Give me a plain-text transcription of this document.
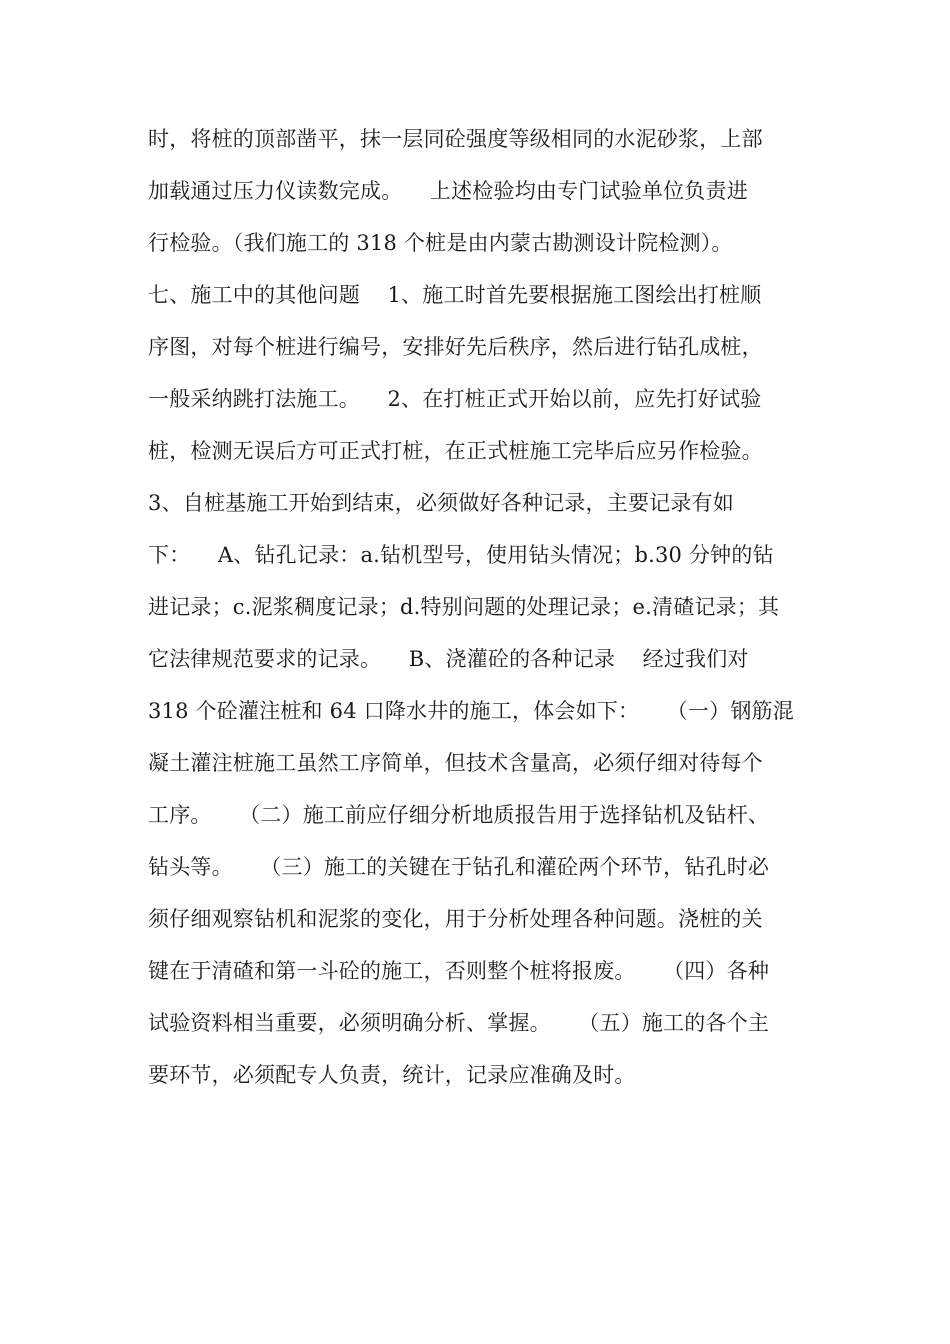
时，将桩的顶部凿平，抹一层同砼强度等级相同的水泥砂浆，上部
加载通过压力仪读数完成。    上述检验均由专门试验单位负责进
行检验。（我们施工的 318 个桩是由内蒙古勘测设计院检测）。
七、施工中的其他问题    1、施工时首先要根据施工图绘出打桩顺
序图，对每个桩进行编号，安排好先后秩序，然后进行钻孔成桩，
一般采纳跳打法施工。    2、在打桩正式开始以前，应先打好试验
桩，检测无误后方可正式打桩，在正式桩施工完毕后应另作检验。
3、自桩基施工开始到结束，必须做好各种记录，主要记录有如
下：    A、钻孔记录：a.钻机型号，使用钻头情况；b.30 分钟的钻
进记录；c.泥浆稠度记录；d.特别问题的处理记录；e.清碴记录；其
它法律规范要求的记录。    B、浇灌砼的各种记录    经过我们对
318 个砼灌注桩和 64 口降水井的施工，体会如下：    （一）钢筋混
凝土灌注桩施工虽然工序简单，但技术含量高，必须仔细对待每个
工序。    （二）施工前应仔细分析地质报告用于选择钻机及钻杆、
钻头等。    （三）施工的关键在于钻孔和灌砼两个环节，钻孔时必
须仔细观察钻机和泥浆的变化，用于分析处理各种问题。浇桩的关
键在于清碴和第一斗砼的施工，否则整个桩将报废。    （四）各种
试验资料相当重要，必须明确分析、掌握。    （五）施工的各个主
要环节，必须配专人负责，统计，记录应准确及时。
